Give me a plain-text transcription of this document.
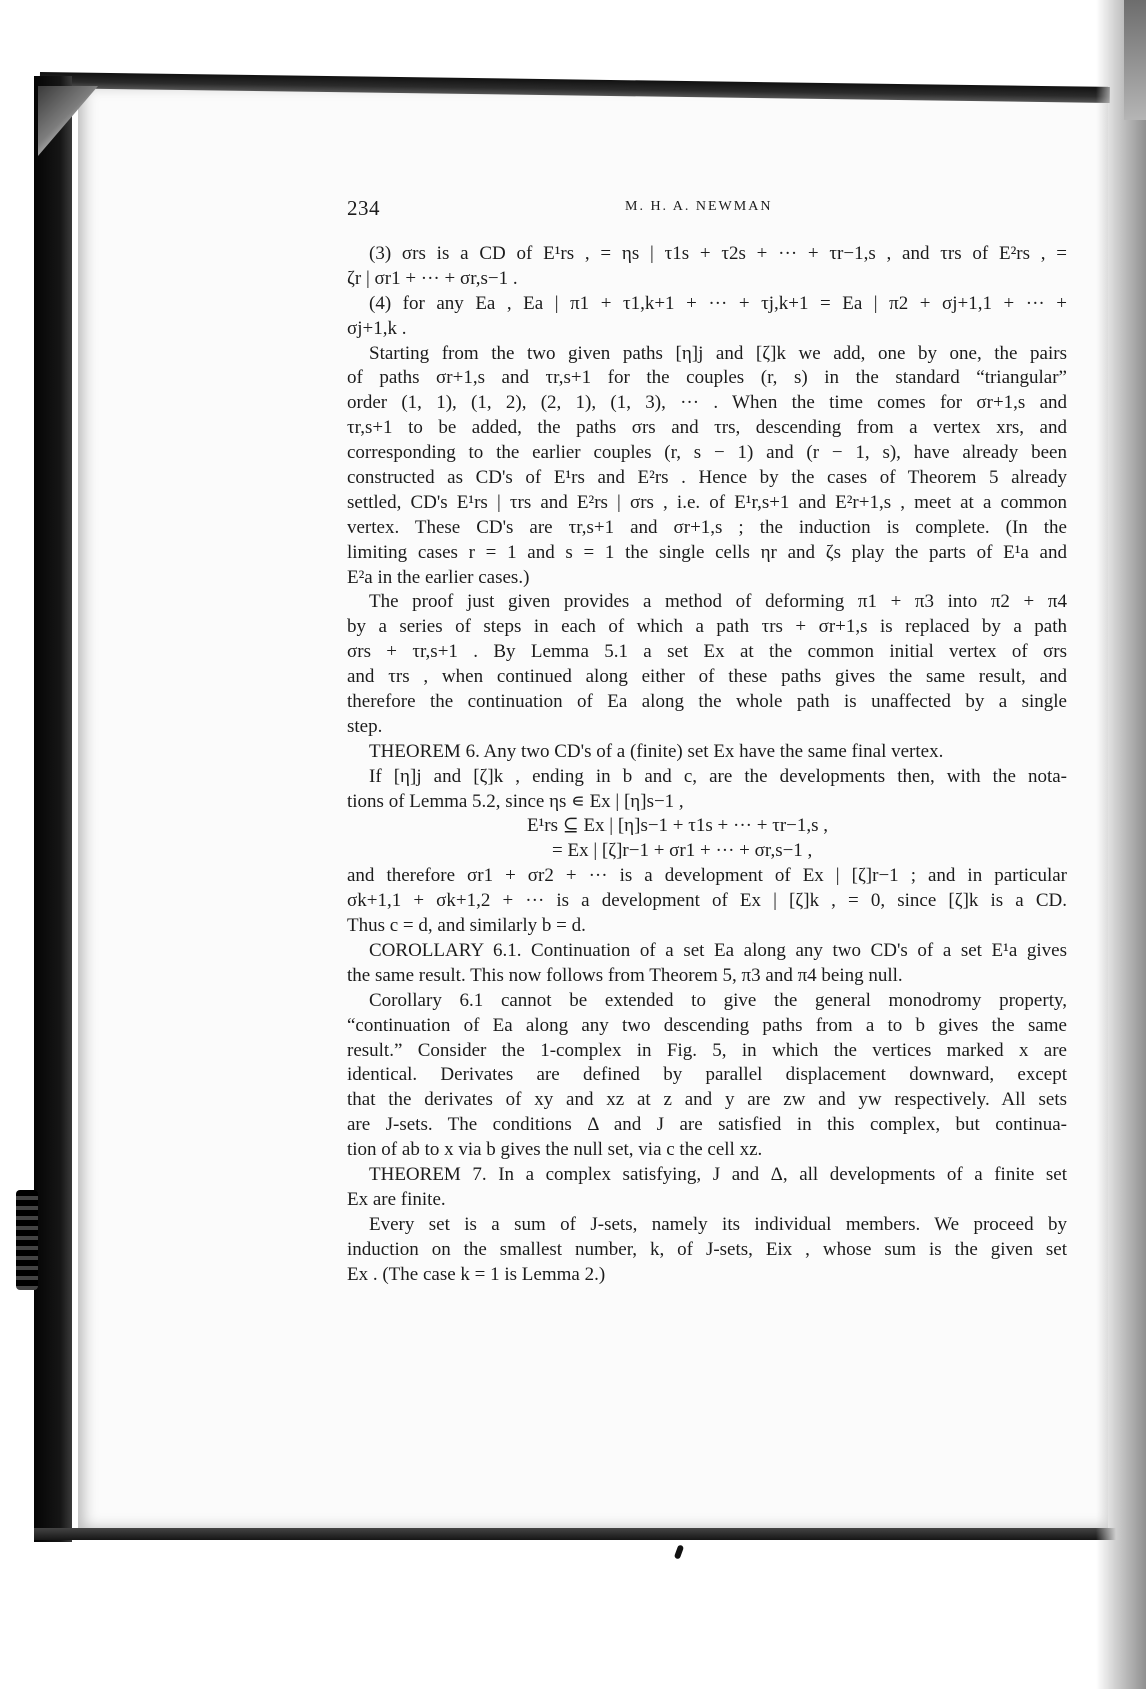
234	M. H. A. NEWMAN
(3) σrs is a CD of E¹rs , = ηs | τ1s + τ2s + ··· + τr−1,s , and τrs of E²rs , =
ζr | σr1 + ··· + σr,s−1 .
(4) for any Ea , Ea | π1 + τ1,k+1 + ··· + τj,k+1 = Ea | π2 + σj+1,1 + ··· +
σj+1,k .
Starting from the two given paths [η]j and [ζ]k we add, one by one, the pairs
of paths σr+1,s and τr,s+1 for the couples (r, s) in the standard “triangular”
order (1, 1), (1, 2), (2, 1), (1, 3), ··· . When the time comes for σr+1,s and
τr,s+1 to be added, the paths σrs and τrs, descending from a vertex xrs, and
corresponding to the earlier couples (r, s − 1) and (r − 1, s), have already been
constructed as CD's of E¹rs and E²rs . Hence by the cases of Theorem 5 already
settled, CD's E¹rs | τrs and E²rs | σrs , i.e. of E¹r,s+1 and E²r+1,s , meet at a common
vertex. These CD's are τr,s+1 and σr+1,s ; the induction is complete. (In the
limiting cases r = 1 and s = 1 the single cells ηr and ζs play the parts of E¹a and
E²a in the earlier cases.)
The proof just given provides a method of deforming π1 + π3 into π2 + π4
by a series of steps in each of which a path τrs + σr+1,s is replaced by a path
σrs + τr,s+1 . By Lemma 5.1 a set Ex at the common initial vertex of σrs
and τrs , when continued along either of these paths gives the same result, and
therefore the continuation of Ea along the whole path is unaffected by a single
step.
THEOREM 6. Any two CD's of a (finite) set Ex have the same final vertex.
If [η]j and [ζ]k , ending in b and c, are the developments then, with the nota-
tions of Lemma 5.2, since ηs ∊ Ex | [η]s−1 ,
E¹rs ⊆ Ex | [η]s−1 + τ1s + ··· + τr−1,s ,
= Ex | [ζ]r−1 + σr1 + ··· + σr,s−1 ,
and therefore σr1 + σr2 + ··· is a development of Ex | [ζ]r−1 ; and in particular
σk+1,1 + σk+1,2 + ··· is a development of Ex | [ζ]k , = 0, since [ζ]k is a CD.
Thus c = d, and similarly b = d.
COROLLARY 6.1. Continuation of a set Ea along any two CD's of a set E¹a gives
the same result. This now follows from Theorem 5, π3 and π4 being null.
Corollary 6.1 cannot be extended to give the general monodromy property,
“continuation of Ea along any two descending paths from a to b gives the same
result.” Consider the 1-complex in Fig. 5, in which the vertices marked x are
identical. Derivates are defined by parallel displacement downward, except
that the derivates of xy and xz at z and y are zw and yw respectively. All sets
are J-sets. The conditions Δ and J are satisfied in this complex, but continua-
tion of ab to x via b gives the null set, via c the cell xz.
THEOREM 7. In a complex satisfying, J and Δ, all developments of a finite set
Ex are finite.
Every set is a sum of J-sets, namely its individual members. We proceed by
induction on the smallest number, k, of J-sets, Eix , whose sum is the given set
Ex . (The case k = 1 is Lemma 2.)
